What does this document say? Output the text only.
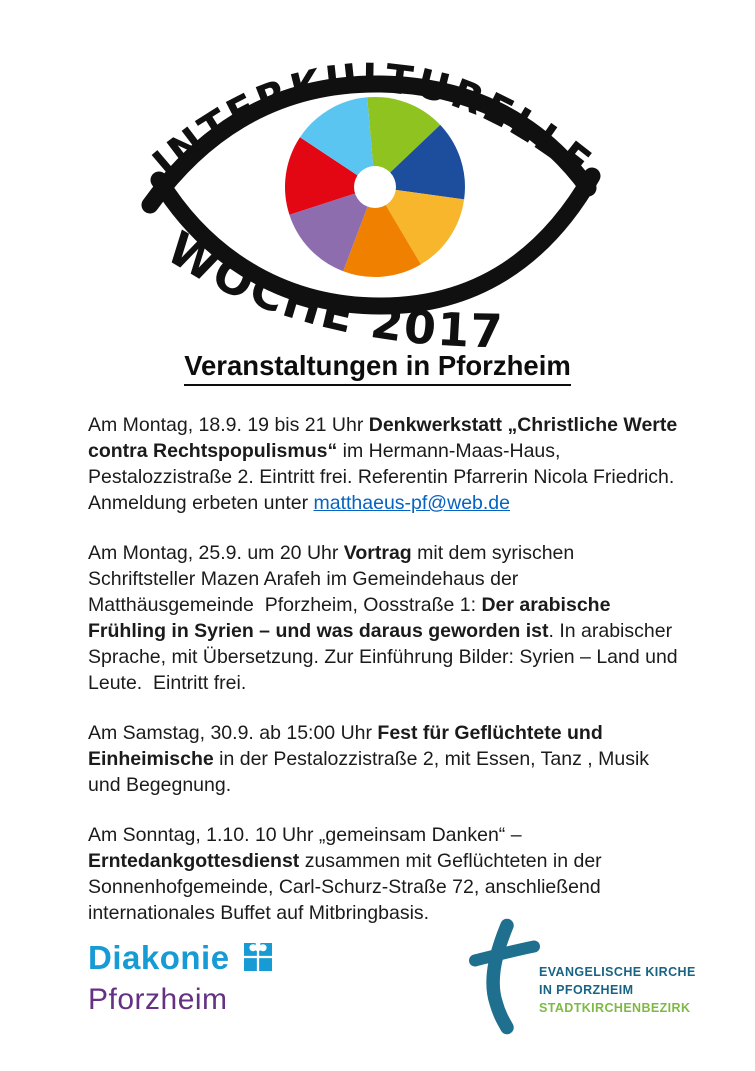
INTERKULTURELLE
WOCHE 2017
Veranstaltungen in Pforzheim

Am Montag, 18.9. 19 bis 21 Uhr Denkwerkstatt „Christliche Werte contra Rechtspopulismus“ im Hermann-Maas-Haus, Pestalozzistraße 2. Eintritt frei. Referentin Pfarrerin Nicola Friedrich. Anmeldung erbeten unter matthaeus-pf@web.de

Am Montag, 25.9. um 20 Uhr Vortrag mit dem syrischen Schriftsteller Mazen Arafeh im Gemeindehaus der Matthäusgemeinde  Pforzheim, Oosstraße 1: Der arabische Frühling in Syrien – und was daraus geworden ist. In arabischer Sprache, mit Übersetzung. Zur Einführung Bilder: Syrien – Land und Leute.  Eintritt frei.

Am Samstag, 30.9. ab 15:00 Uhr Fest für Geflüchtete und Einheimische in der Pestalozzistraße 2, mit Essen, Tanz , Musik und Begegnung.

Am Sonntag, 1.10. 10 Uhr „gemeinsam Danken“ – Erntedankgottesdienst zusammen mit Geflüchteten in der Sonnenhofgemeinde, Carl-Schurz-Straße 72, anschließend internationales Buffet auf Mitbringbasis.

Diakonie
Pforzheim
EVANGELISCHE KIRCHE
IN PFORZHEIM
STADTKIRCHENBEZIRK
